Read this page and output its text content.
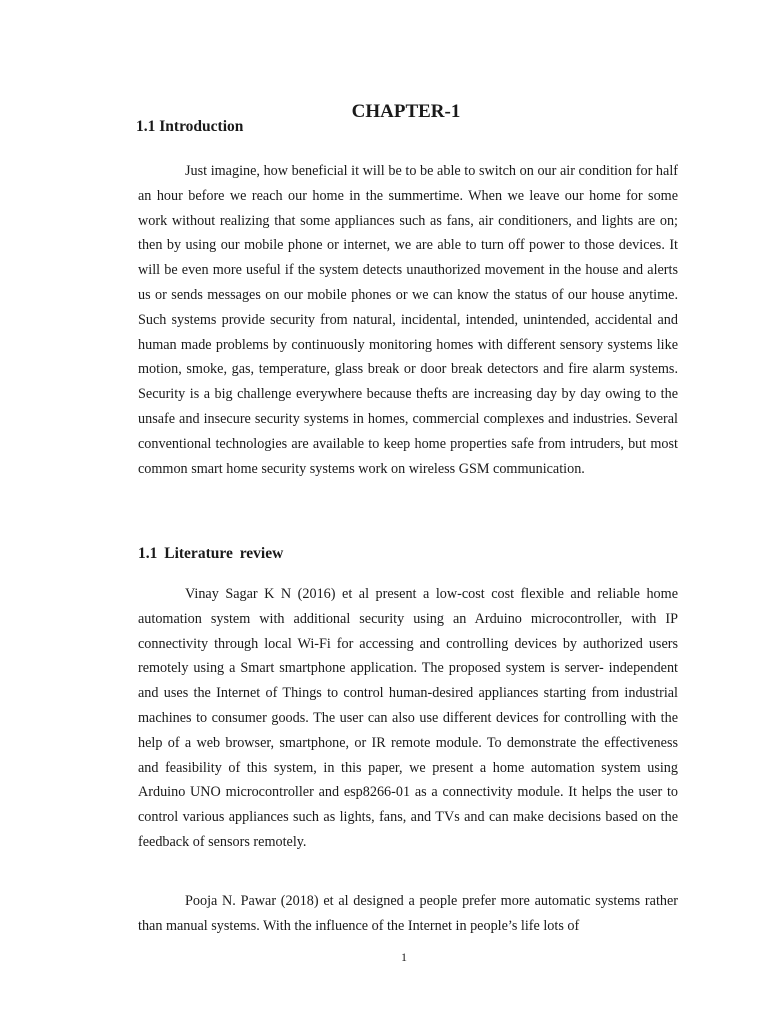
CHAPTER-1
1.1 Introduction

Just imagine, how beneficial it will be to be able to switch on our air condition for half an hour before we reach our home in the summertime. When we leave our home for some work without realizing that some appliances such as fans, air conditioners, and lights are on; then by using our mobile phone or internet, we are able to turn off power to those devices. It will be even more useful if the system detects unauthorized movement in the house and alerts us or sends messages on our mobile phones or we can know the status of our house anytime. Such systems provide security from natural, incidental, intended, unintended, accidental and human made problems by continuously monitoring homes with different sensory systems like motion, smoke, gas, temperature, glass break or door break detectors and fire alarm systems. Security is a big challenge everywhere because thefts are increasing day by day owing to the unsafe and insecure security systems in homes, commercial complexes and industries. Several conventional technologies are available to keep home properties safe from intruders, but most common smart home security systems work on wireless GSM communication.

1.1 Literature review

Vinay Sagar K N (2016) et al present a low-cost cost flexible and reliable home automation system with additional security using an Arduino microcontroller, with IP connectivity through local Wi-Fi for accessing and controlling devices by authorized users remotely using a Smart smartphone application. The proposed system is server- independent and uses the Internet of Things to control human-desired appliances starting from industrial machines to consumer goods. The user can also use different devices for controlling with the help of a web browser, smartphone, or IR remote module. To demonstrate the effectiveness and feasibility of this system, in this paper, we present a home automation system using Arduino UNO microcontroller and esp8266-01 as a connectivity module. It helps the user to control various appliances such as lights, fans, and TVs and can make decisions based on the feedback of sensors remotely.

Pooja N. Pawar (2018) et al designed a people prefer more automatic systems rather than manual systems. With the influence of the Internet in people’s life lots of

1
